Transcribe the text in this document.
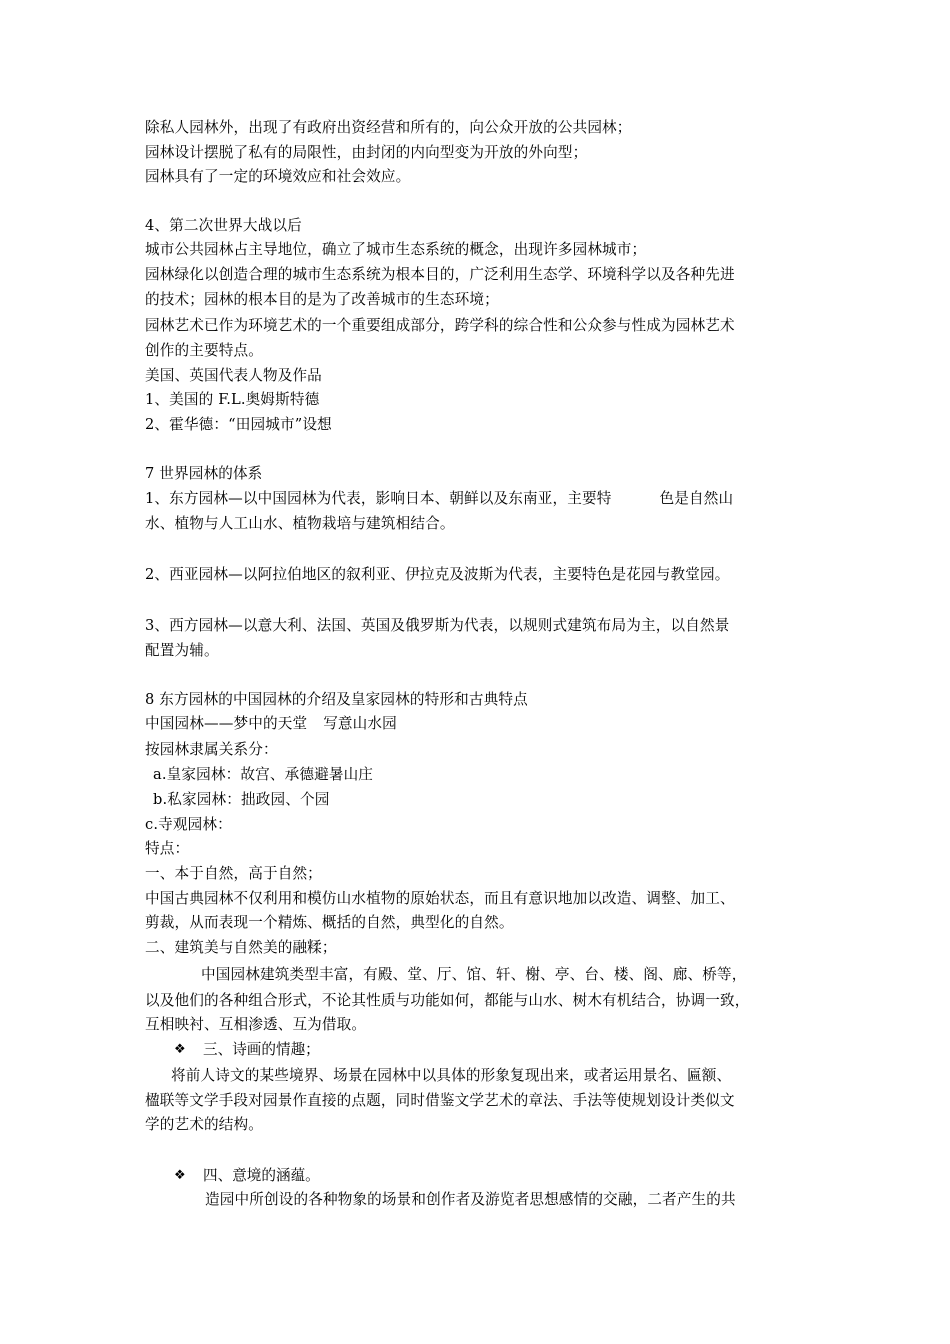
除私人园林外，出现了有政府出资经营和所有的，向公众开放的公共园林；
园林设计摆脱了私有的局限性，由封闭的内向型变为开放的外向型；
园林具有了一定的环境效应和社会效应。
4、第二次世界大战以后
城市公共园林占主导地位，确立了城市生态系统的概念，出现许多园林城市；
园林绿化以创造合理的城市生态系统为根本目的，广泛利用生态学、环境科学以及各种先进
的技术；园林的根本目的是为了改善城市的生态环境；
园林艺术已作为环境艺术的一个重要组成部分，跨学科的综合性和公众参与性成为园林艺术
创作的主要特点。
美国、英国代表人物及作品
1、美国的 F.L.奥姆斯特德
2、霍华德：“田园城市”设想
7 世界园林的体系
1、东方园林—以中国园林为代表，影响日本、朝鲜以及东南亚，主要特	色是自然山
水、植物与人工山水、植物栽培与建筑相结合。
2、西亚园林—以阿拉伯地区的叙利亚、伊拉克及波斯为代表，主要特色是花园与教堂园。
3、西方园林—以意大利、法国、英国及俄罗斯为代表，以规则式建筑布局为主，以自然景
配置为辅。
8 东方园林的中国园林的介绍及皇家园林的特形和古典特点
中国园林——梦中的天堂 写意山水园
按园林隶属关系分：
a.皇家园林：故宫、承德避暑山庄
b.私家园林：拙政园、个园
c.寺观园林：
特点：
一、本于自然，高于自然；
中国古典园林不仅利用和模仿山水植物的原始状态，而且有意识地加以改造、调整、加工、
剪裁，从而表现一个精炼、概括的自然，典型化的自然。
二、建筑美与自然美的融糅；
中国园林建筑类型丰富，有殿、堂、厅、馆、轩、榭、亭、台、楼、阁、廊、桥等，
以及他们的各种组合形式，不论其性质与功能如何，都能与山水、树木有机结合，协调一致，
互相映衬、互相渗透、互为借取。
❖ 三、诗画的情趣；
将前人诗文的某些境界、场景在园林中以具体的形象复现出来，或者运用景名、匾额、
楹联等文学手段对园景作直接的点题，同时借鉴文学艺术的章法、手法等使规划设计类似文
学的艺术的结构。
❖ 四、意境的涵蕴。
造园中所创设的各种物象的场景和创作者及游览者思想感情的交融，二者产生的共
